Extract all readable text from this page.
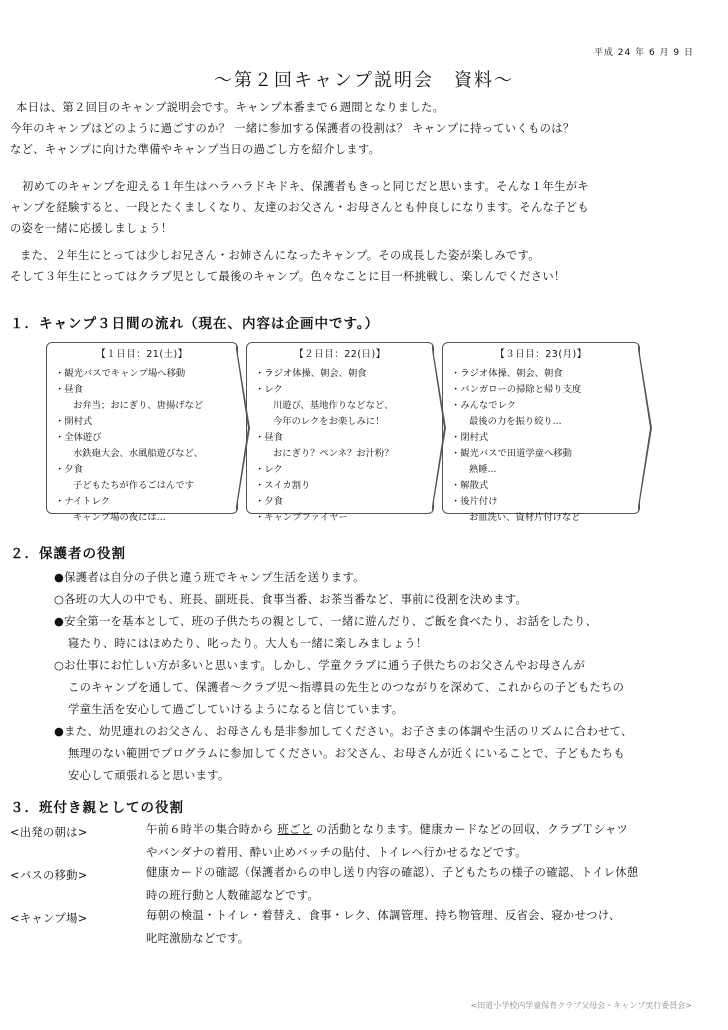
平成 24 年 6 月 9 日
～第２回キャンプ説明会　資料～
本日は、第２回目のキャンプ説明会です。キャンプ本番まで６週間となりました。
今年のキャンプはどのように過ごすのか？ 一緒に参加する保護者の役割は？ キャンプに持っていくものは？
など、キャンプに向けた準備やキャンプ当日の過ごし方を紹介します。
初めてのキャンプを迎える１年生はハラハラドキドキ、保護者もきっと同じだと思います。そんな１年生がキ
ャンプを経験すると、一段とたくましくなり、友達のお父さん・お母さんとも仲良しになります。そんな子ども
の姿を一緒に応援しましょう！
また、２年生にとっては少しお兄さん・お姉さんになったキャンプ。その成長した姿が楽しみです。
そして３年生にとってはクラブ児として最後のキャンプ。色々なことに目一杯挑戦し、楽しんでください！
１．キャンプ３日間の流れ（現在、内容は企画中です。）
【１日目：21(土)】
・観光バスでキャンプ場へ移動
・昼食
お弁当；おにぎり、唐揚げなど
・開村式
・全体遊び
水鉄砲大会、水風船遊びなど、
・夕食
子どもたちが作るごはんです
・ナイトレク
キャンプ場の夜には...
【２日目：22(日)】
・ラジオ体操、朝会、朝食
・レク
川遊び、基地作りなどなど、
今年のレクをお楽しみに！
・昼食
おにぎり？ペンネ？お汁粉？
・レク
・スイカ割り
・夕食
・キャンプファイヤー
【３日目：23(月)】
・ラジオ体操、朝会、朝食
・バンガローの掃除と帰り支度
・みんなでレク
最後の力を振り絞り...
・閉村式
・観光バスで田道学童へ移動
熟睡...
・解散式
・後片付け
お皿洗い、資材片付けなど
２．保護者の役割
●保護者は自分の子供と違う班でキャンプ生活を送ります。
○各班の大人の中でも、班長、副班長、食事当番、お茶当番など、事前に役割を決めます。
●安全第一を基本として、班の子供たちの親として、一緒に遊んだり、ご飯を食べたり、お話をしたり、
寝たり、時にはほめたり、叱ったり。大人も一緒に楽しみましょう！
○お仕事にお忙しい方が多いと思います。しかし、学童クラブに通う子供たちのお父さんやお母さんが
このキャンプを通して、保護者～クラブ児～指導員の先生とのつながりを深めて、これからの子どもたちの
学童生活を安心して過ごしていけるようになると信じています。
●また、幼児連れのお父さん、お母さんも是非参加してください。お子さまの体調や生活のリズムに合わせて、
無理のない範囲でプログラムに参加してください。お父さん、お母さんが近くにいることで、子どもたちも
安心して頑張れると思います。
３．班付き親としての役割
<出発の朝は>	午前６時半の集合時から 班ごと の活動となります。健康カードなどの回収、クラブＴシャツ
やバンダナの着用、酔い止めバッチの貼付、トイレへ行かせるなどです。
<バスの移動>	健康カードの確認（保護者からの申し送り内容の確認）、子どもたちの様子の確認、トイレ休憩
時の班行動と人数確認などです。
<キャンプ場>	毎朝の検温・トイレ・着替え、食事・レク、体調管理、持ち物管理、反省会、寝かせつけ、
叱咤激励などです。
<田道小学校内学童保育クラブ父母会・キャンプ実行委員会>
